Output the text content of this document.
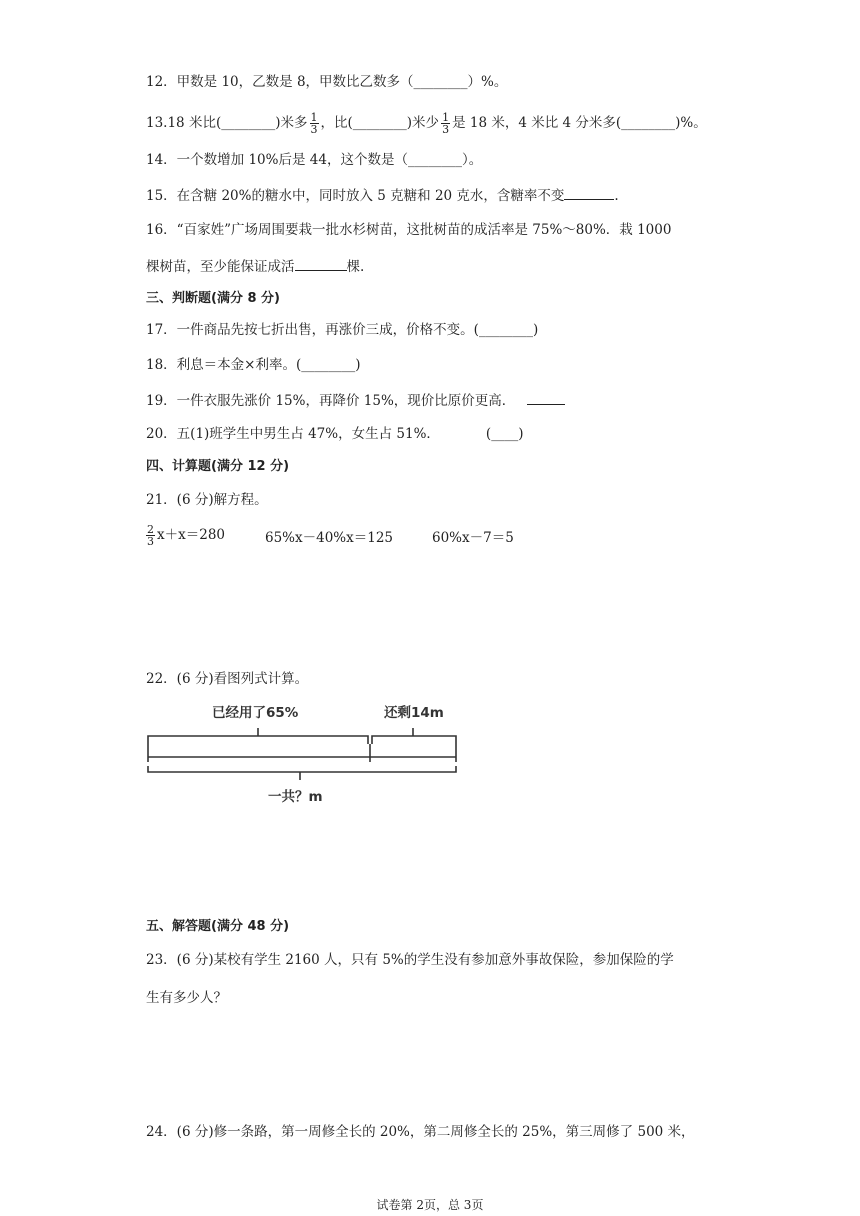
12．甲数是 10，乙数是 8，甲数比乙数多（________）%。
13.18 米比(________)米多 $\frac{1}{3}$ ，比(________)米少 $\frac{1}{3}$ 是 18 米，4 米比 4 分米多(________)%。
14．一个数增加 10%后是 44，这个数是（________）。
15．在含糖 20%的糖水中，同时放入 5 克糖和 20 克水，含糖率不变	.
16．“百家姓”广场周围要栽一批水杉树苗，这批树苗的成活率是 75%～80%．栽 1000
棵树苗，至少能保证成活	棵.
三、判断题(满分 8 分)
17．一件商品先按七折出售，再涨价三成，价格不变。(________)
18．利息＝本金×利率。(________)
19．一件衣服先涨价 15%，再降价 15%，现价比原价更高．
20．五(1)班学生中男生占 47%，女生占 51%．	(____)
四、计算题(满分 12 分)
21．(6 分)解方程。
$\frac{2}{3} x+x=280$	65%x－40%x＝125	60%x－7＝5
22．(6 分)看图列式计算。
已经用了65%	还剩14m
一共？m
五、解答题(满分 48 分)
23．(6 分)某校有学生 2160 人，只有 5%的学生没有参加意外事故保险，参加保险的学
生有多少人？
24．(6 分)修一条路，第一周修全长的 20%，第二周修全长的 25%，第三周修了 500 米，
试卷第 2页，总 3页
